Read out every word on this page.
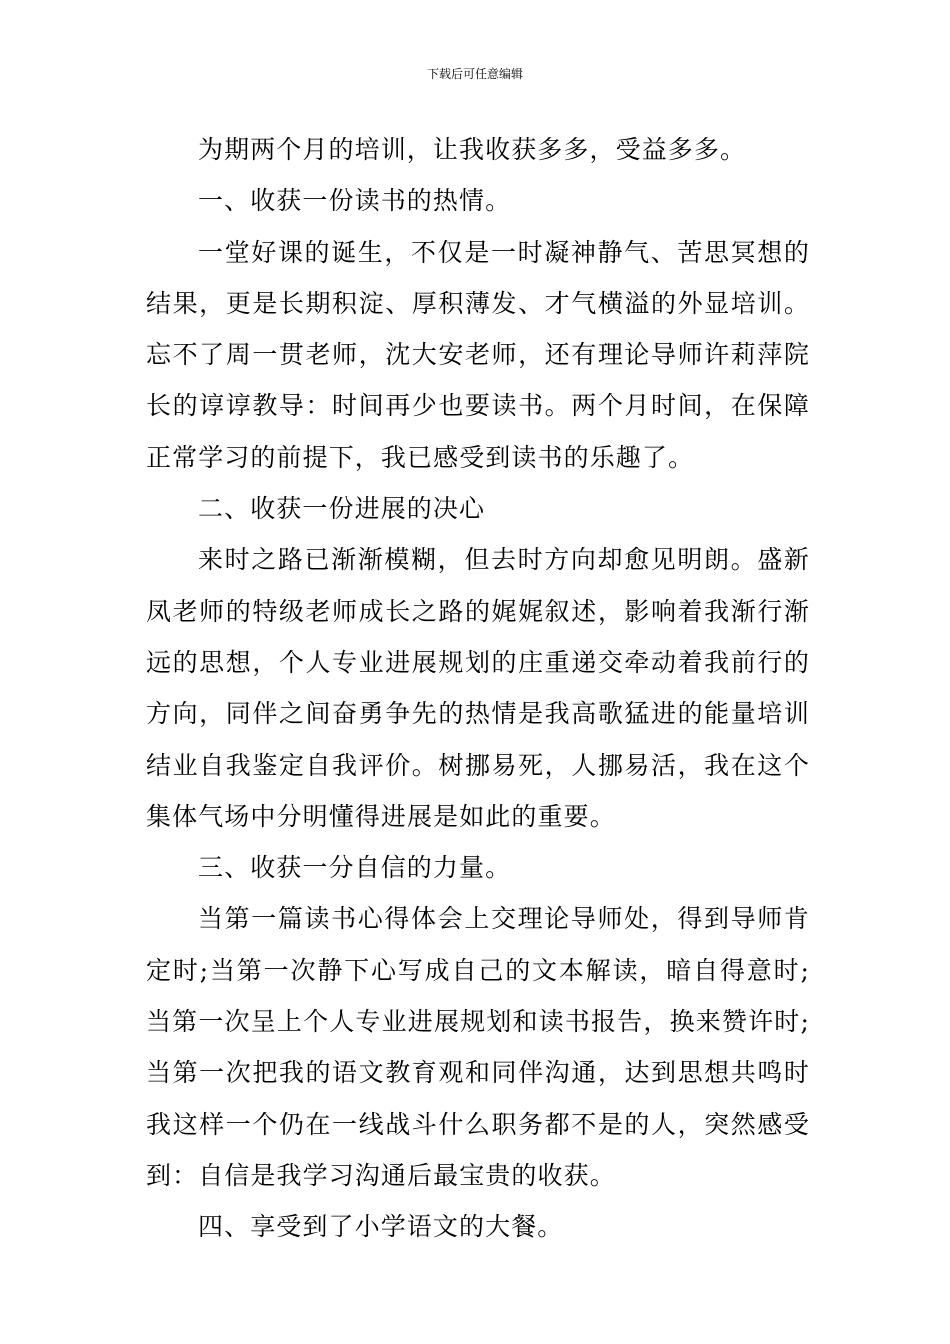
下载后可任意编辑

为期两个月的培训，让我收获多多，受益多多。

一、收获一份读书的热情。

一堂好课的诞生，不仅是一时凝神静气、苦思冥想的结果，更是长期积淀、厚积薄发、才气横溢的外显培训。忘不了周一贯老师，沈大安老师，还有理论导师许莉萍院长的谆谆教导：时间再少也要读书。两个月时间，在保障正常学习的前提下，我已感受到读书的乐趣了。

二、收获一份进展的决心

来时之路已渐渐模糊，但去时方向却愈见明朗。盛新凤老师的特级老师成长之路的娓娓叙述，影响着我渐行渐远的思想，个人专业进展规划的庄重递交牵动着我前行的方向，同伴之间奋勇争先的热情是我高歌猛进的能量培训结业自我鉴定自我评价。树挪易死，人挪易活，我在这个集体气场中分明懂得进展是如此的重要。

三、收获一分自信的力量。

当第一篇读书心得体会上交理论导师处，得到导师肯定时;当第一次静下心写成自己的文本解读，暗自得意时;当第一次呈上个人专业进展规划和读书报告，换来赞许时;当第一次把我的语文教育观和同伴沟通，达到思想共鸣时我这样一个仍在一线战斗什么职务都不是的人，突然感受到：自信是我学习沟通后最宝贵的收获。

四、享受到了小学语文的大餐。
